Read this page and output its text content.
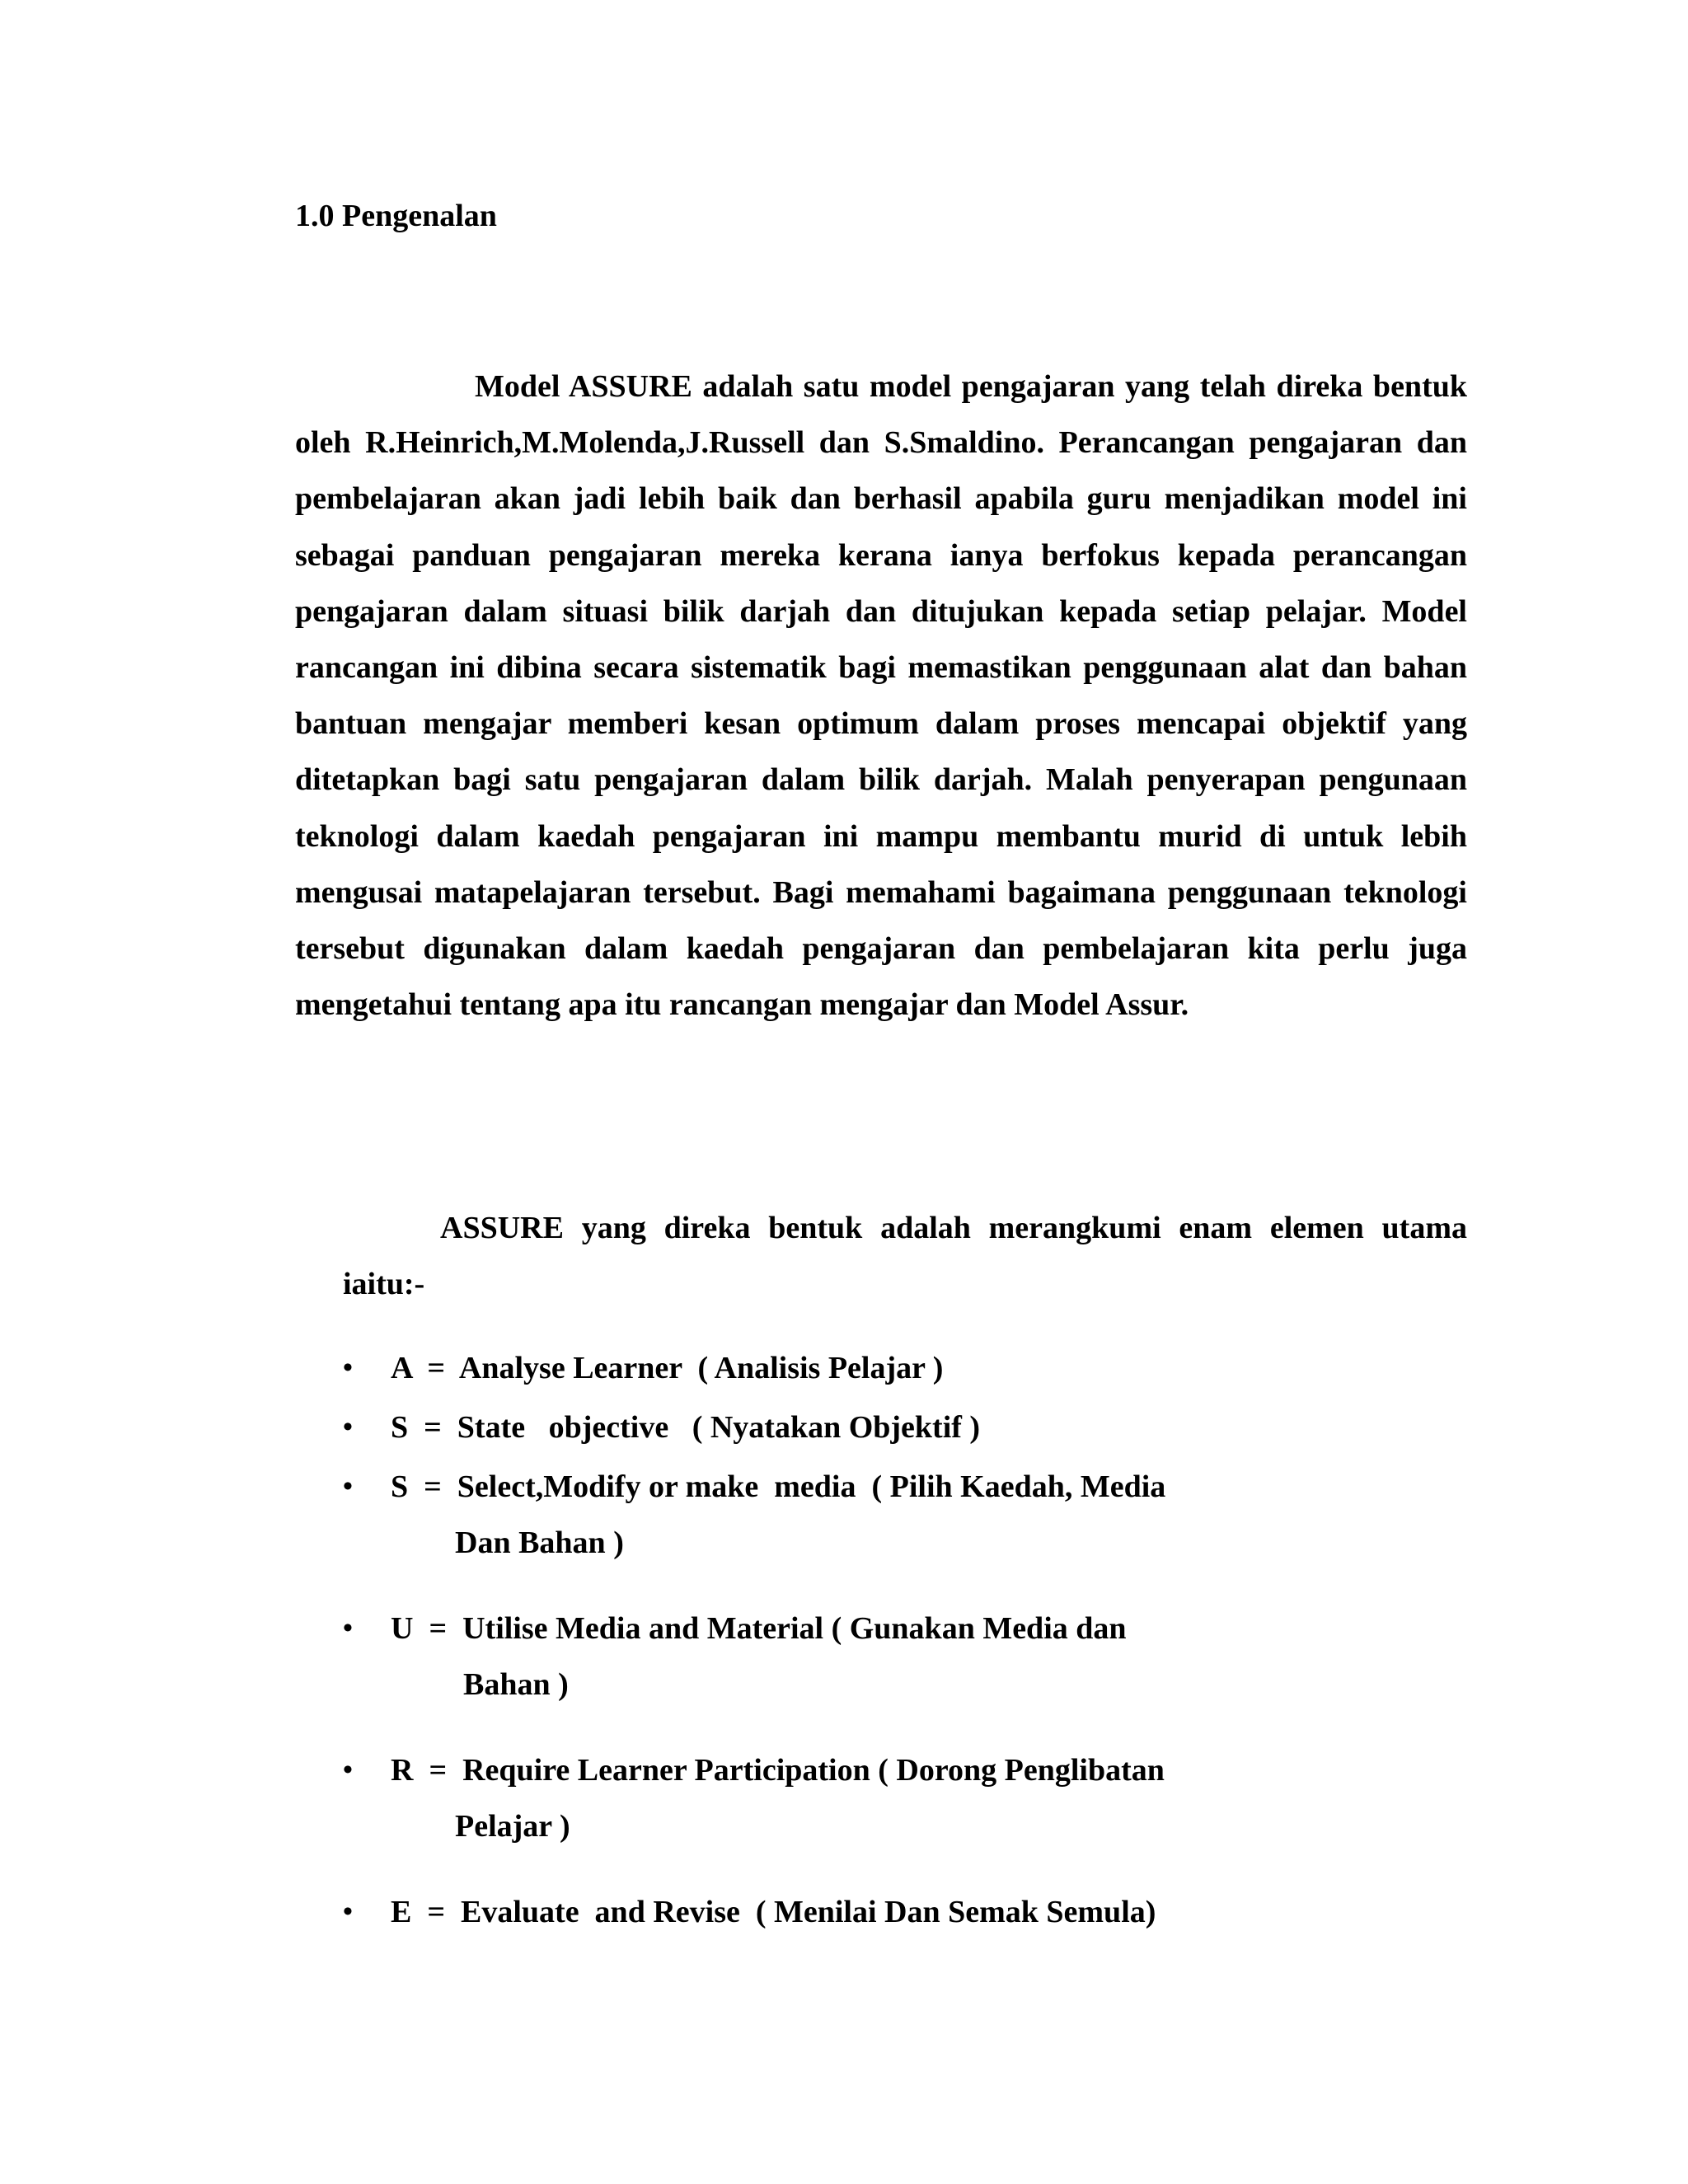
1.0 Pengenalan

Model ASSURE adalah satu model pengajaran yang telah direka bentuk oleh R.Heinrich,M.Molenda,J.Russell dan S.Smaldino. Perancangan pengajaran dan pembelajaran akan jadi lebih baik dan berhasil apabila guru menjadikan model ini sebagai panduan pengajaran mereka kerana ianya berfokus kepada perancangan pengajaran dalam situasi bilik darjah dan ditujukan kepada setiap pelajar. Model rancangan ini dibina secara sistematik bagi memastikan penggunaan alat dan bahan bantuan mengajar memberi kesan optimum dalam proses mencapai objektif yang ditetapkan bagi satu pengajaran dalam bilik darjah. Malah penyerapan pengunaan teknologi dalam kaedah pengajaran ini mampu membantu murid di untuk lebih mengusai matapelajaran tersebut. Bagi memahami bagaimana penggunaan teknologi tersebut digunakan dalam kaedah pengajaran dan pembelajaran kita perlu juga mengetahui tentang apa itu rancangan mengajar dan Model Assur.

ASSURE yang direka bentuk adalah merangkumi enam elemen utama iaitu:-

• A  =  Analyse Learner  ( Analisis Pelajar )
• S  =  State   objective   ( Nyatakan Objektif )
• S  =  Select,Modify or make  media  ( Pilih Kaedah, Media
Dan Bahan )
• U  =  Utilise Media and Material ( Gunakan Media dan
Bahan )
• R  =  Require Learner Participation ( Dorong Penglibatan
Pelajar )
• E  =  Evaluate  and Revise  ( Menilai Dan Semak Semula)
